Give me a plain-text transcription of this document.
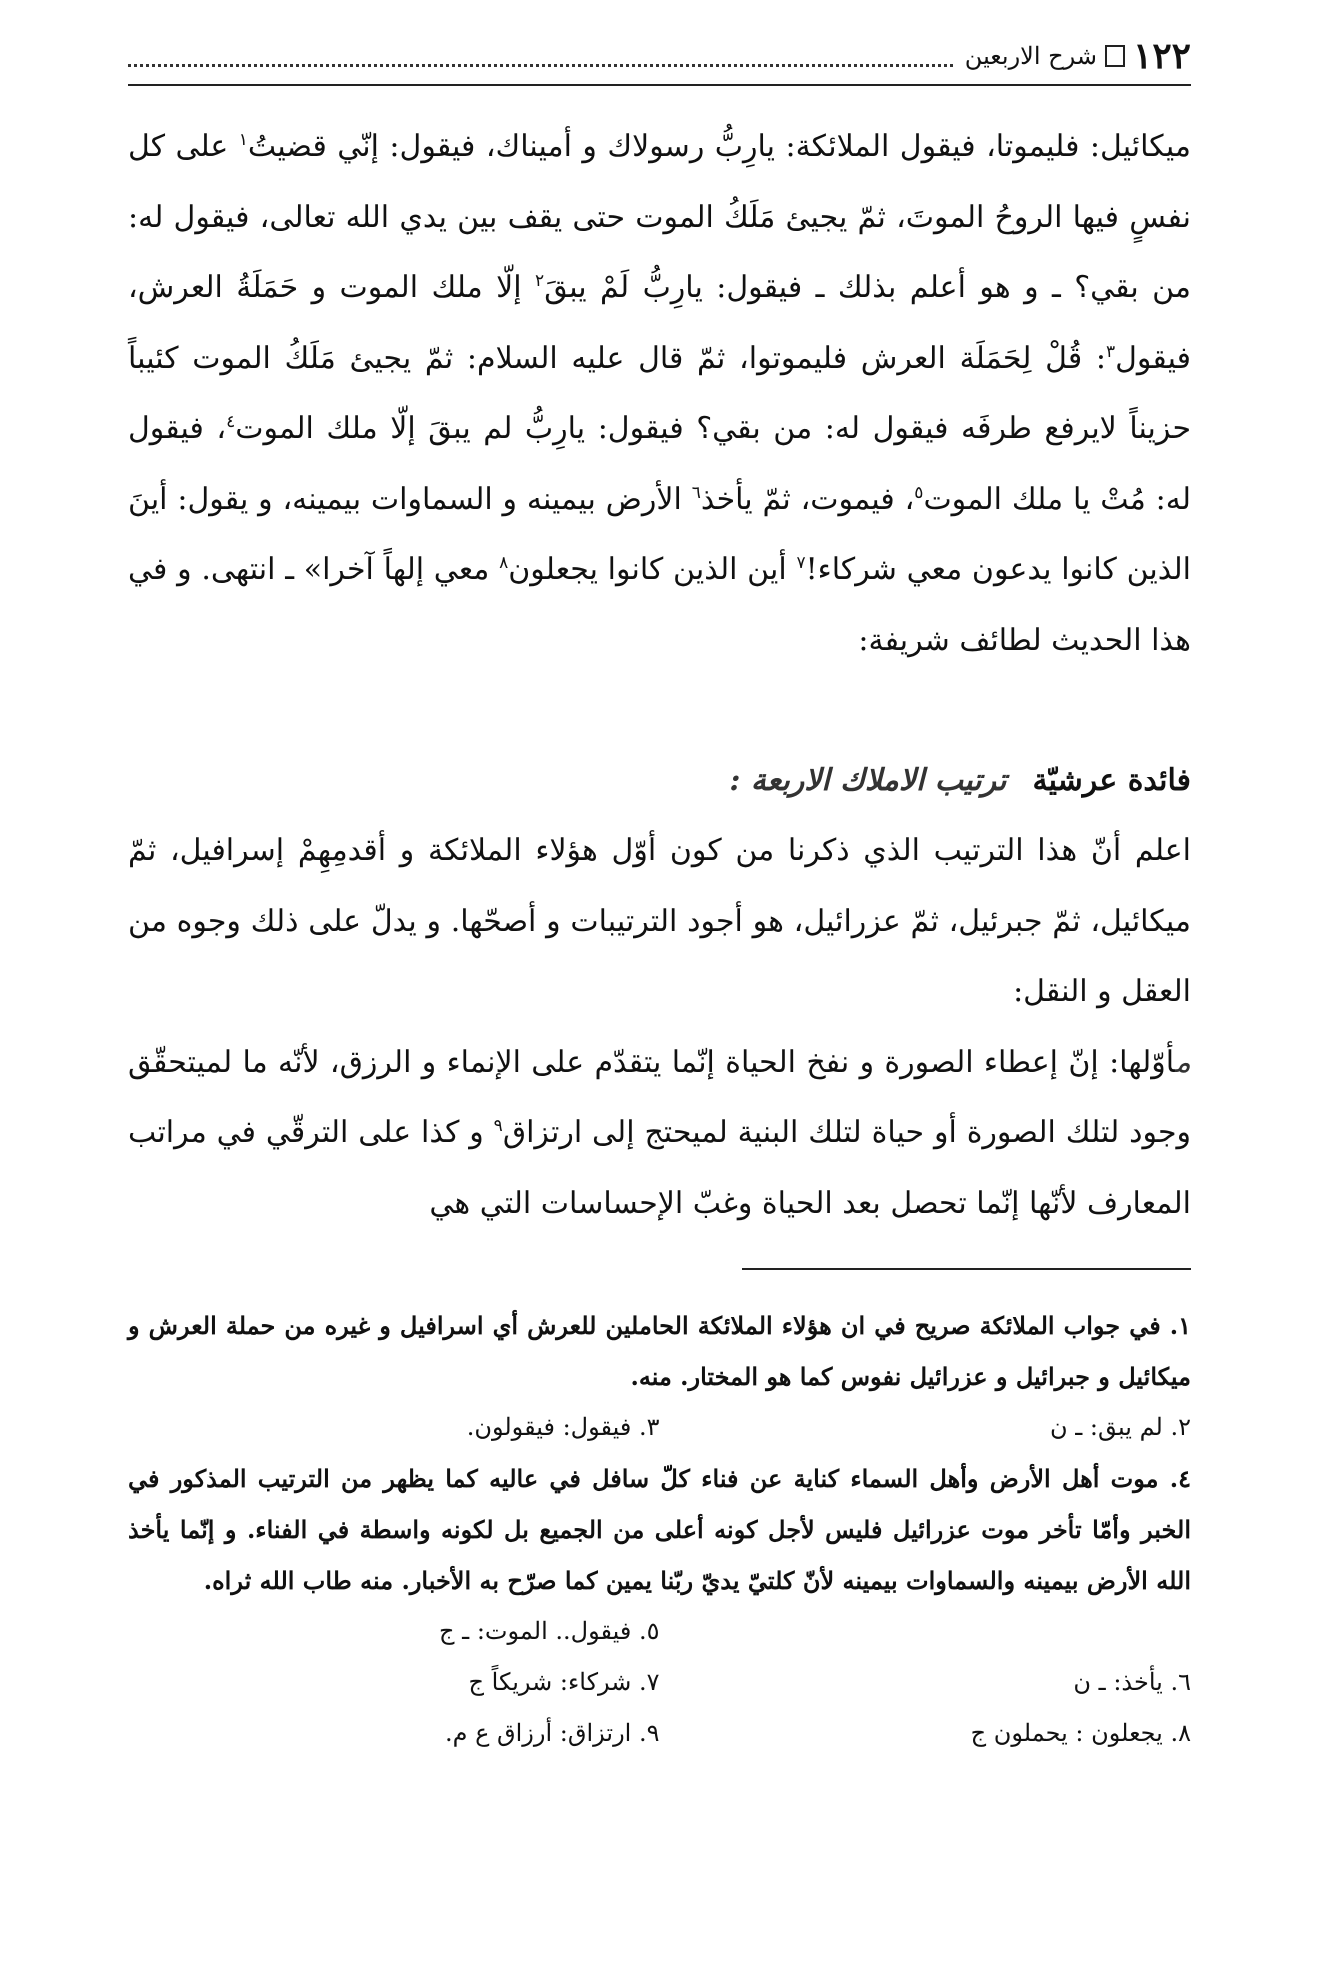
١٢٢
شرح الاربعين

ميكائيل: فليموتا، فيقول الملائكة: يارِبُّ رسولاك و أميناك، فيقول: إنّي قضيتُ$^١$ على كل نفسٍ فيها الروحُ الموتَ، ثمّ يجيئ مَلَكُ الموت حتى يقف بين يدي الله تعالى، فيقول له: من بقي؟ ـ و هو أعلم بذلك ـ فيقول: يارِبُّ لَمْ يبقَ$^٢$ إلّا ملك الموت و حَمَلَةُ العرش، فيقول$^٣$: قُلْ لِحَمَلَة العرش فليموتوا، ثمّ قال عليه السلام: ثمّ يجيئ مَلَكُ الموت كئيباً حزيناً لايرفع طرفَه فيقول له: من بقي؟ فيقول: يارِبُّ لم يبقَ إلّا ملك الموت$^٤$، فيقول له: مُتْ يا ملك الموت$^٥$، فيموت، ثمّ يأخذ$^٦$ الأرض بيمينه و السماوات بيمينه، و يقول: أينَ الذين كانوا يدعون معي شركاء!$^٧$ أين الذين كانوا يجعلون$^٨$ معي إلهاً آخرا» ـ انتهى. و في هذا الحديث لطائف شريفة:

فائدة عرشيّةترتيب الاملاك الاربعة :

اعلم أنّ هذا الترتيب الذي ذكرنا من كون أوّل هؤلاء الملائكة و أقدمِهِمْ إسرافيل، ثمّ ميكائيل، ثمّ جبرئيل، ثمّ عزرائيل، هو أجود الترتيبات و أصحّها. و يدلّ على ذلك وجوه من العقل و النقل:

مأوّلها: إنّ إعطاء الصورة و نفخ الحياة إنّما يتقدّم على الإنماء و الرزق، لأنّه ما لميتحقّق وجود لتلك الصورة أو حياة لتلك البنية لميحتج إلى ارتزاق$^٩$ و كذا على الترقّي في مراتب المعارف لأنّها إنّما تحصل بعد الحياة وغبّ الإحساسات التي هي

١. في جواب الملائكة صريح في ان هؤلاء الملائكة الحاملين للعرش أي اسرافيل و غيره من حملة العرش و ميكائيل و جبرائيل و عزرائيل نفوس كما هو المختار. منه.

٢. لم يبق: ـ ن
٣. فيقول: فيقولون.

٤. موت أهل الأرض وأهل السماء كناية عن فناء كلّ سافل في عاليه كما يظهر من الترتيب المذكور في الخبر وأمّا تأخر موت عزرائيل فليس لأجل كونه أعلى من الجميع بل لكونه واسطة في الفناء. و إنّما يأخذ الله الأرض بيمينه والسماوات بيمينه لأنّ كلتيّ يديّ ربّنا يمين كما صرّح به الأخبار. منه طاب الله ثراه.

٥. فيقول.. الموت: ـ ج
٦. يأخذ: ـ ن
٧. شركاء: شريكاً ج
٨. يجعلون : يحملون ج
٩. ارتزاق: أرزاق ع م.
